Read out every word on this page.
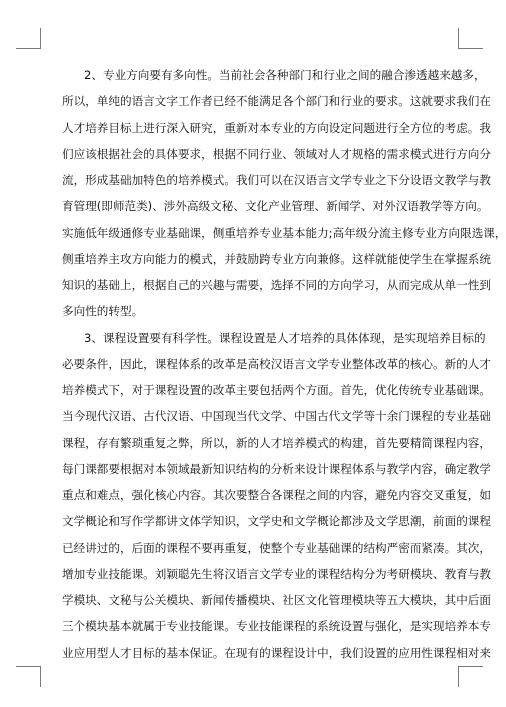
2、专业方向要有多向性。当前社会各种部门和行业之间的融合渗透越来越多，
所以，单纯的语言文字工作者已经不能满足各个部门和行业的要求。这就要求我们在
人才培养目标上进行深入研究，重新对本专业的方向设定问题进行全方位的考虑。我
们应该根据社会的具体要求，根据不同行业、领域对人才规格的需求模式进行方向分
流，形成基础加特色的培养模式。我们可以在汉语言文学专业之下分设语文教学与教
育管理(即师范类)、涉外高级文秘、文化产业管理、新闻学、对外汉语教学等方向。
实施低年级通修专业基础课，侧重培养专业基本能力;高年级分流主修专业方向限选课，
侧重培养主攻方向能力的模式，并鼓励跨专业方向兼修。这样就能使学生在掌握系统
知识的基础上，根据自己的兴趣与需要，选择不同的方向学习，从而完成从单一性到
多向性的转型。
3、课程设置要有科学性。课程设置是人才培养的具体体现，是实现培养目标的
必要条件，因此，课程体系的改革是高校汉语言文学专业整体改革的核心。新的人才
培养模式下，对于课程设置的改革主要包括两个方面。首先，优化传统专业基础课。
当今现代汉语、古代汉语、中国现当代文学、中国古代文学等十余门课程的专业基础
课程，存有繁琐重复之弊，所以，新的人才培养模式的构建，首先要精简课程内容，
每门课都要根据对本领域最新知识结构的分析来设计课程体系与教学内容，确定教学
重点和难点，强化核心内容。其次要整合各课程之间的内容，避免内容交叉重复，如
文学概论和写作学都讲文体学知识，文学史和文学概论都涉及文学思潮，前面的课程
已经讲过的，后面的课程不要再重复，使整个专业基础课的结构严密而紧凑。其次，
增加专业技能课。刘颖聪先生将汉语言文学专业的课程结构分为考研模块、教育与教
学模块、文秘与公关模块、新闻传播模块、社区文化管理模块等五大模块，其中后面
三个模块基本就属于专业技能课。专业技能课程的系统设置与强化，是实现培养本专
业应用型人才目标的基本保证。在现有的课程设计中，我们设置的应用性课程相对来
